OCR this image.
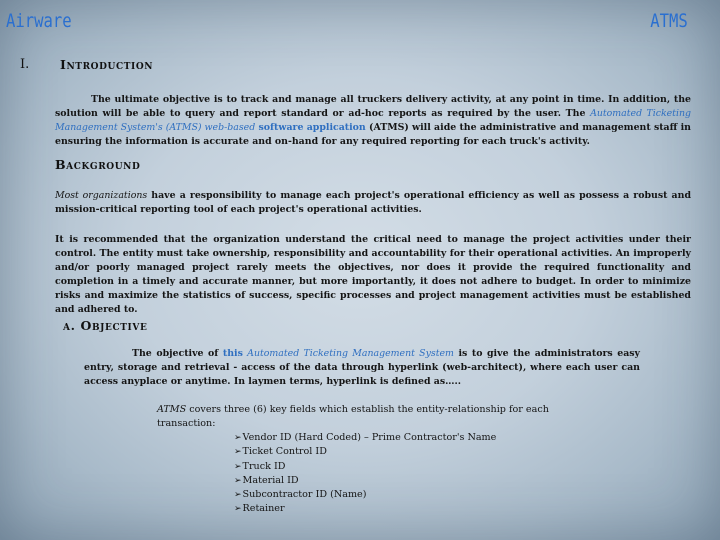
Airware	ATMS
I. Introduction
The ultimate objective is to track and manage all truckers delivery activity, at any point in time. In addition, the solution will be able to query and report standard or ad-hoc reports as required by the user. The Automated Ticketing Management System's (ATMS) web-based software application (ATMS) will aide the administrative and management staff in ensuring the information is accurate and on-hand for any required reporting for each truck's activity.
Background
Most organizations have a responsibility to manage each project's operational efficiency as well as possess a robust and mission-critical reporting tool of each project's operational activities.
It is recommended that the organization understand the critical need to manage the project activities under their control. The entity must take ownership, responsibility and accountability for their operational activities. An improperly and/or poorly managed project rarely meets the objectives, nor does it provide the required functionality and completion in a timely and accurate manner, but more importantly, it does not adhere to budget. In order to minimize risks and maximize the statistics of success, specific processes and project management activities must be established and adhered to.
a. Objective
The objective of this Automated Ticketing Management System is to give the administrators easy entry, storage and retrieval - access of the data through hyperlink (web-architect), where each user can access anyplace or anytime. In laymen terms, hyperlink is defined as…..
ATMS covers three (6) key fields which establish the entity-relationship for each transaction:
➢Vendor ID (Hard Coded) – Prime Contractor's Name
➢Ticket Control ID
➢Truck ID
➢Material ID
➢Subcontractor ID (Name)
➢Retainer
